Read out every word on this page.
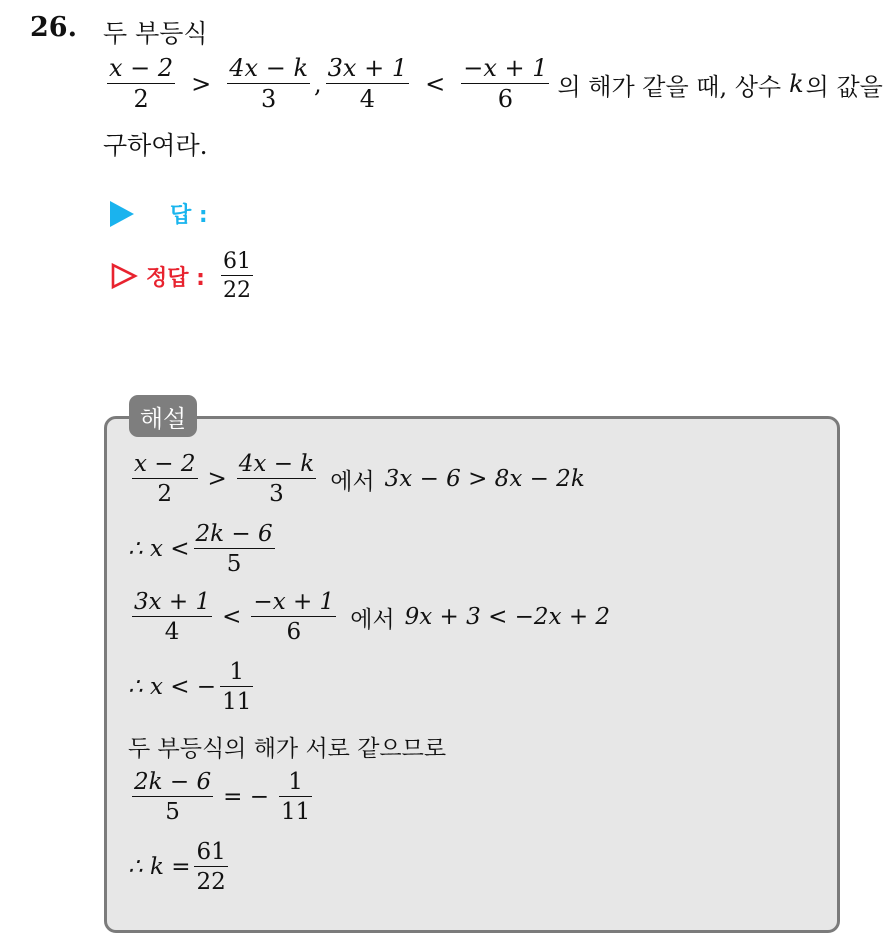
26. 두 부등식
$\frac{x - 2}{2} > \frac{4x - k}{3}$ , $\frac{3x + 1}{4} < \frac{-x + 1}{6}$ 의 해가 같을 때, 상수 k 의 값을
구하여라.
답 :
정답 : $\frac{61}{22}$
해설
$\frac{x - 2}{2} > \frac{4x - k}{3}$ 에서 3x − 6 > 8x − 2k
∴ $x < \frac{2k - 6}{5}$
$\frac{3x + 1}{4} < \frac{-x + 1}{6}$ 에서 9x + 3 < −2x + 2
∴ x < − $\frac{1}{11}$
두 부등식의 해가 서로 같으므로
$\frac{2k - 6}{5}$ = − $\frac{1}{11}$
∴ $k = \frac{61}{22}$
